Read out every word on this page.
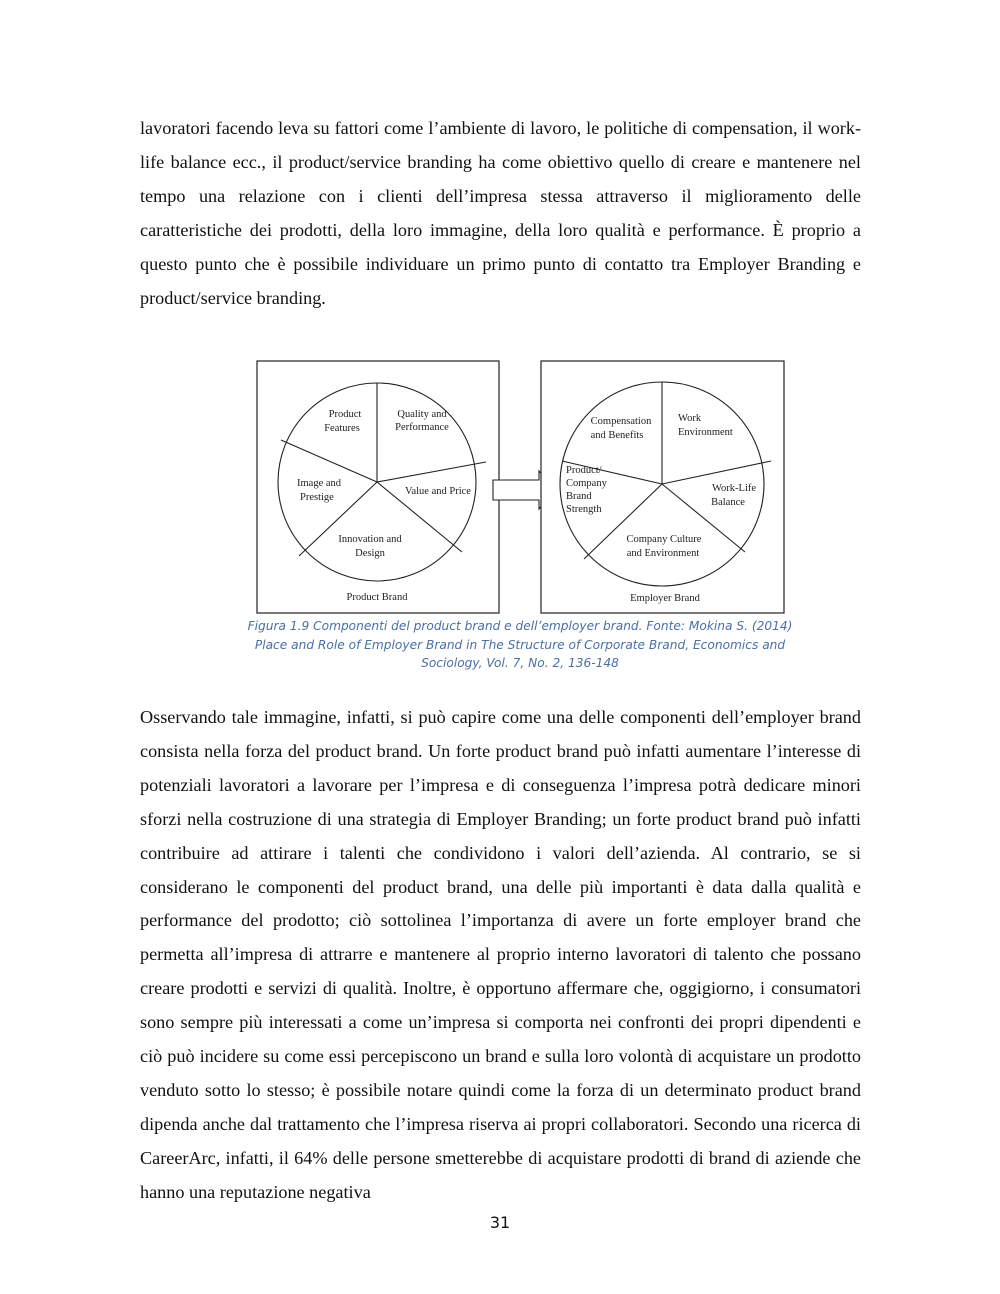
lavoratori facendo leva su fattori come l’ambiente di lavoro, le politiche di compensation, il work-life balance ecc., il product/service branding ha come obiettivo quello di creare e mantenere nel tempo una relazione con i clienti dell’impresa stessa attraverso il miglioramento delle caratteristiche dei prodotti, della loro immagine, della loro qualità e performance. È proprio a questo punto che è possibile individuare un primo punto di contatto tra Employer Branding e product/service branding.

Product Features
Quality and Performance
Value and Price
Innovation and Design
Image and Prestige
Product Brand
Compensation and Benefits
Work Environment
Work-Life Balance
Company Culture and Environment
Product/ Company Brand Strength
Employer Brand

Figura 1.9 Componenti del product brand e dell’employer brand. Fonte: Mokina S. (2014) Place and Role of Employer Brand in The Structure of Corporate Brand, Economics and Sociology, Vol. 7, No. 2, 136-148

Osservando tale immagine, infatti, si può capire come una delle componenti dell’employer brand consista nella forza del product brand. Un forte product brand può infatti aumentare l’interesse di potenziali lavoratori a lavorare per l’impresa e di conseguenza l’impresa potrà dedicare minori sforzi nella costruzione di una strategia di Employer Branding; un forte product brand può infatti contribuire ad attirare i talenti che condividono i valori dell’azienda. Al contrario, se si considerano le componenti del product brand, una delle più importanti è data dalla qualità e performance del prodotto; ciò sottolinea l’importanza di avere un forte employer brand che permetta all’impresa di attrarre e mantenere al proprio interno lavoratori di talento che possano creare prodotti e servizi di qualità. Inoltre, è opportuno affermare che, oggigiorno, i consumatori sono sempre più interessati a come un’impresa si comporta nei confronti dei propri dipendenti e ciò può incidere su come essi percepiscono un brand e sulla loro volontà di acquistare un prodotto venduto sotto lo stesso; è possibile notare quindi come la forza di un determinato product brand dipenda anche dal trattamento che l’impresa riserva ai propri collaboratori. Secondo una ricerca di CareerArc, infatti, il 64% delle persone smetterebbe di acquistare prodotti di brand di aziende che hanno una reputazione negativa

31
